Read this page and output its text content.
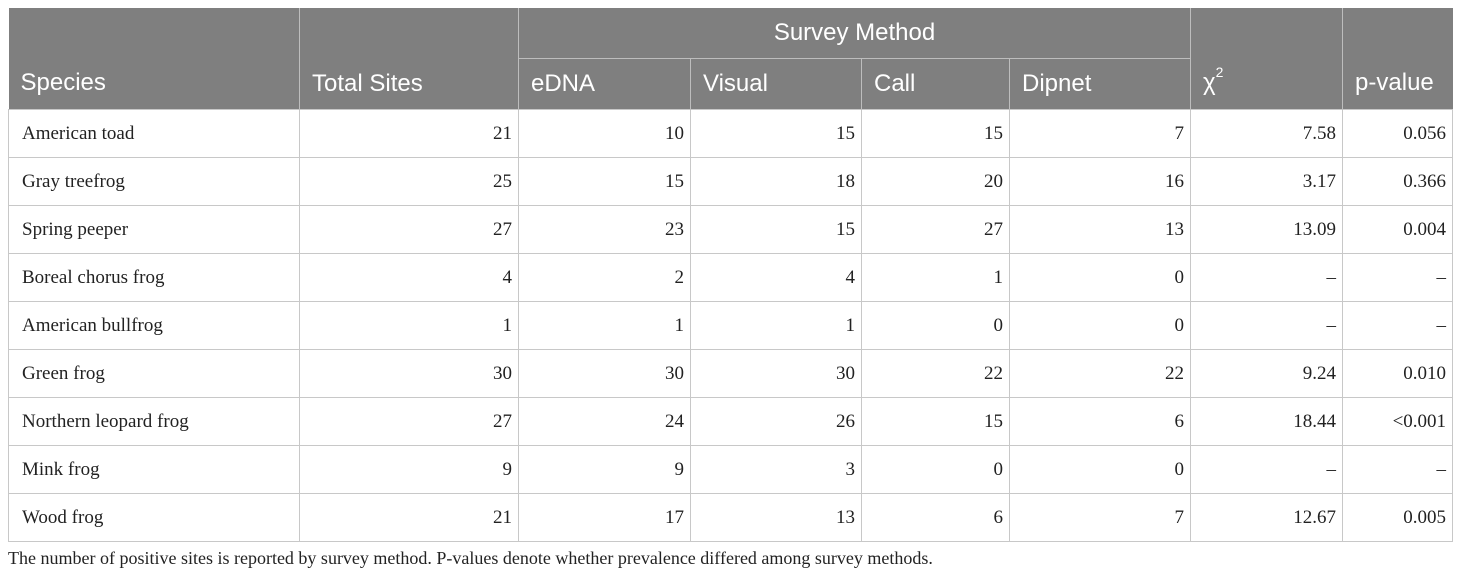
Species		Survey Method				$\chi^2$	p-value
	Total Sites	eDNA	Visual	Call	Dipnet		
American toad	21	10	15	15	7	7.58	0.056
Gray treefrog	25	15	18	20	16	3.17	0.366
Spring peeper	27	23	15	27	13	13.09	0.004
Boreal chorus frog	4	2	4	1	0	–	–
American bullfrog	1	1	1	0	0	–	–
Green frog	30	30	30	22	22	9.24	0.010
Northern leopard frog	27	24	26	15	6	18.44	<0.001
Mink frog	9	9	3	0	0	–	–
Wood frog	21	17	13	6	7	12.67	0.005
The number of positive sites is reported by survey method. P-values denote whether prevalence differed among survey methods.
